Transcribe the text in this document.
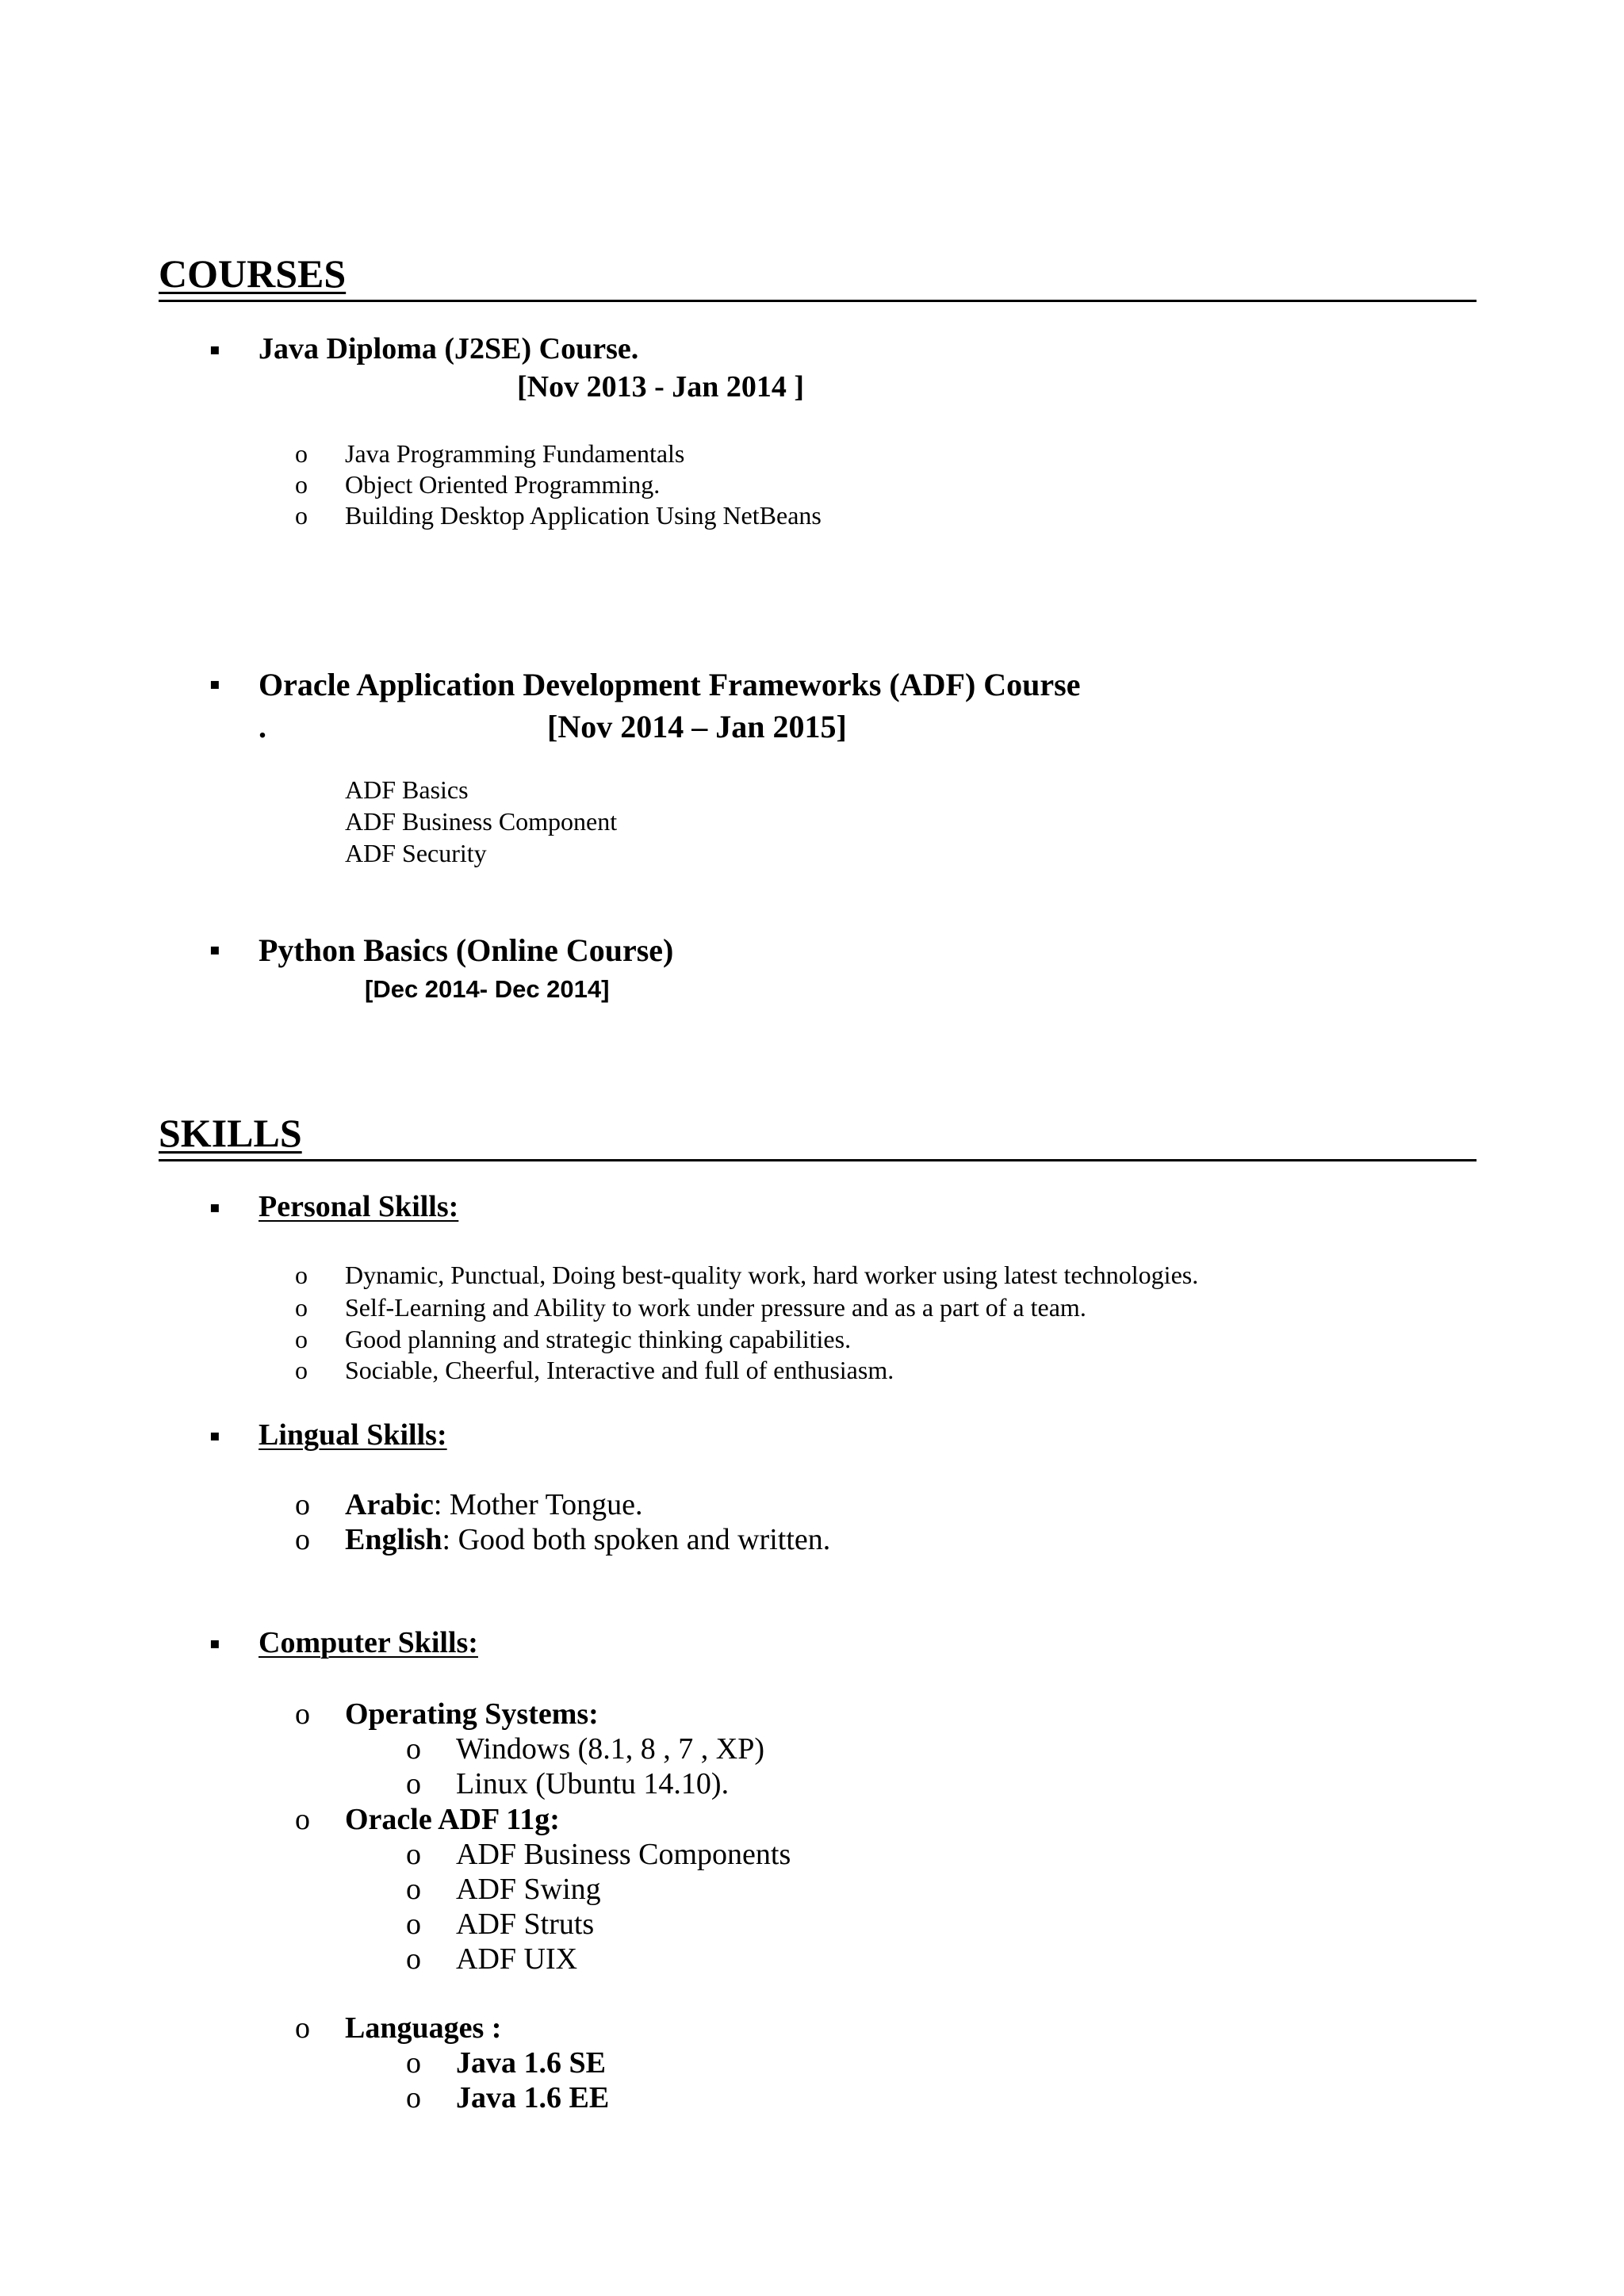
COURSES
▪ Java Diploma (J2SE) Course.
[Nov 2013 - Jan 2014 ]
o Java Programming Fundamentals
o Object Oriented Programming.
o Building Desktop Application Using NetBeans
▪ Oracle Application Development Frameworks (ADF) Course
.	[Nov 2014 – Jan 2015]
ADF Basics
ADF Business Component
ADF Security
▪ Python Basics (Online Course)
[Dec 2014- Dec 2014]
SKILLS
▪ Personal Skills:
o Dynamic, Punctual, Doing best-quality work, hard worker using latest technologies.
o Self-Learning and Ability to work under pressure and as a part of a team.
o Good planning and strategic thinking capabilities.
o Sociable, Cheerful, Interactive and full of enthusiasm.
▪ Lingual Skills:
o Arabic: Mother Tongue.
o English: Good both spoken and written.
▪ Computer Skills:
o Operating Systems:
o Windows (8.1, 8 , 7 , XP)
o Linux (Ubuntu 14.10).
o Oracle ADF 11g:
o ADF Business Components
o ADF Swing
o ADF Struts
o ADF UIX
o Languages :
o Java 1.6 SE
o Java 1.6 EE
